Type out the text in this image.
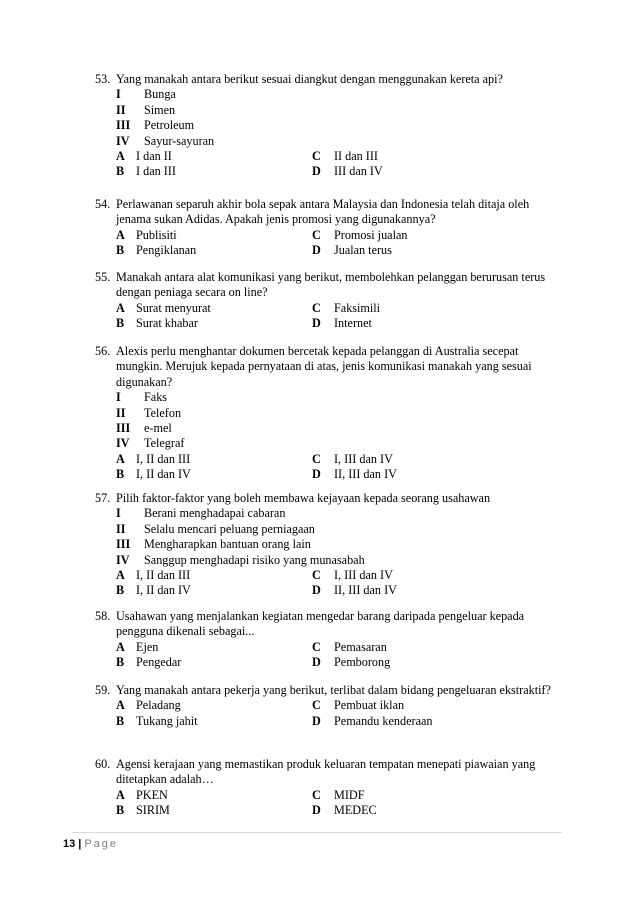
53. Yang manakah antara berikut sesuai diangkut dengan menggunakan kereta api?
I	Bunga
II	Simen
III	Petroleum
IV	Sayur-sayuran
A I dan II	C II dan III
B I dan III	D III dan IV
54. Perlawanan separuh akhir bola sepak antara Malaysia dan Indonesia telah ditaja oleh jenama sukan Adidas. Apakah jenis promosi yang digunakannya?
A Publisiti	C Promosi jualan
B Pengiklanan	D Jualan terus
55. Manakah antara alat komunikasi yang berikut, membolehkan pelanggan berurusan terus dengan peniaga secara on line?
A Surat menyurat	C Faksimili
B Surat khabar	D Internet
56. Alexis perlu menghantar dokumen bercetak kepada pelanggan di Australia secepat mungkin. Merujuk kepada pernyataan di atas, jenis komunikasi manakah yang sesuai digunakan?
I	Faks
II	Telefon
III	e-mel
IV	Telegraf
A I, II dan III	C I, III dan IV
B I, II dan IV	D II, III dan IV
57. Pilih faktor-faktor yang boleh membawa kejayaan kepada seorang usahawan
I	Berani menghadapai cabaran
II	Selalu mencari peluang perniagaan
III	Mengharapkan bantuan orang lain
IV	Sanggup menghadapi risiko yang munasabah
A I, II dan III	C I, III dan IV
B I, II dan IV	D II, III dan IV
58. Usahawan yang menjalankan kegiatan mengedar barang daripada pengeluar kepada pengguna dikenali sebagai...
A Ejen	C Pemasaran
B Pengedar	D Pemborong
59. Yang manakah antara pekerja yang berikut, terlibat dalam bidang pengeluaran ekstraktif?
A Peladang	C Pembuat iklan
B Tukang jahit	D Pemandu kenderaan
60. Agensi kerajaan yang memastikan produk keluaran tempatan menepati piawaian yang ditetapkan adalah…
A PKEN	C MIDF
B SIRIM	D MEDEC
13 | Page
